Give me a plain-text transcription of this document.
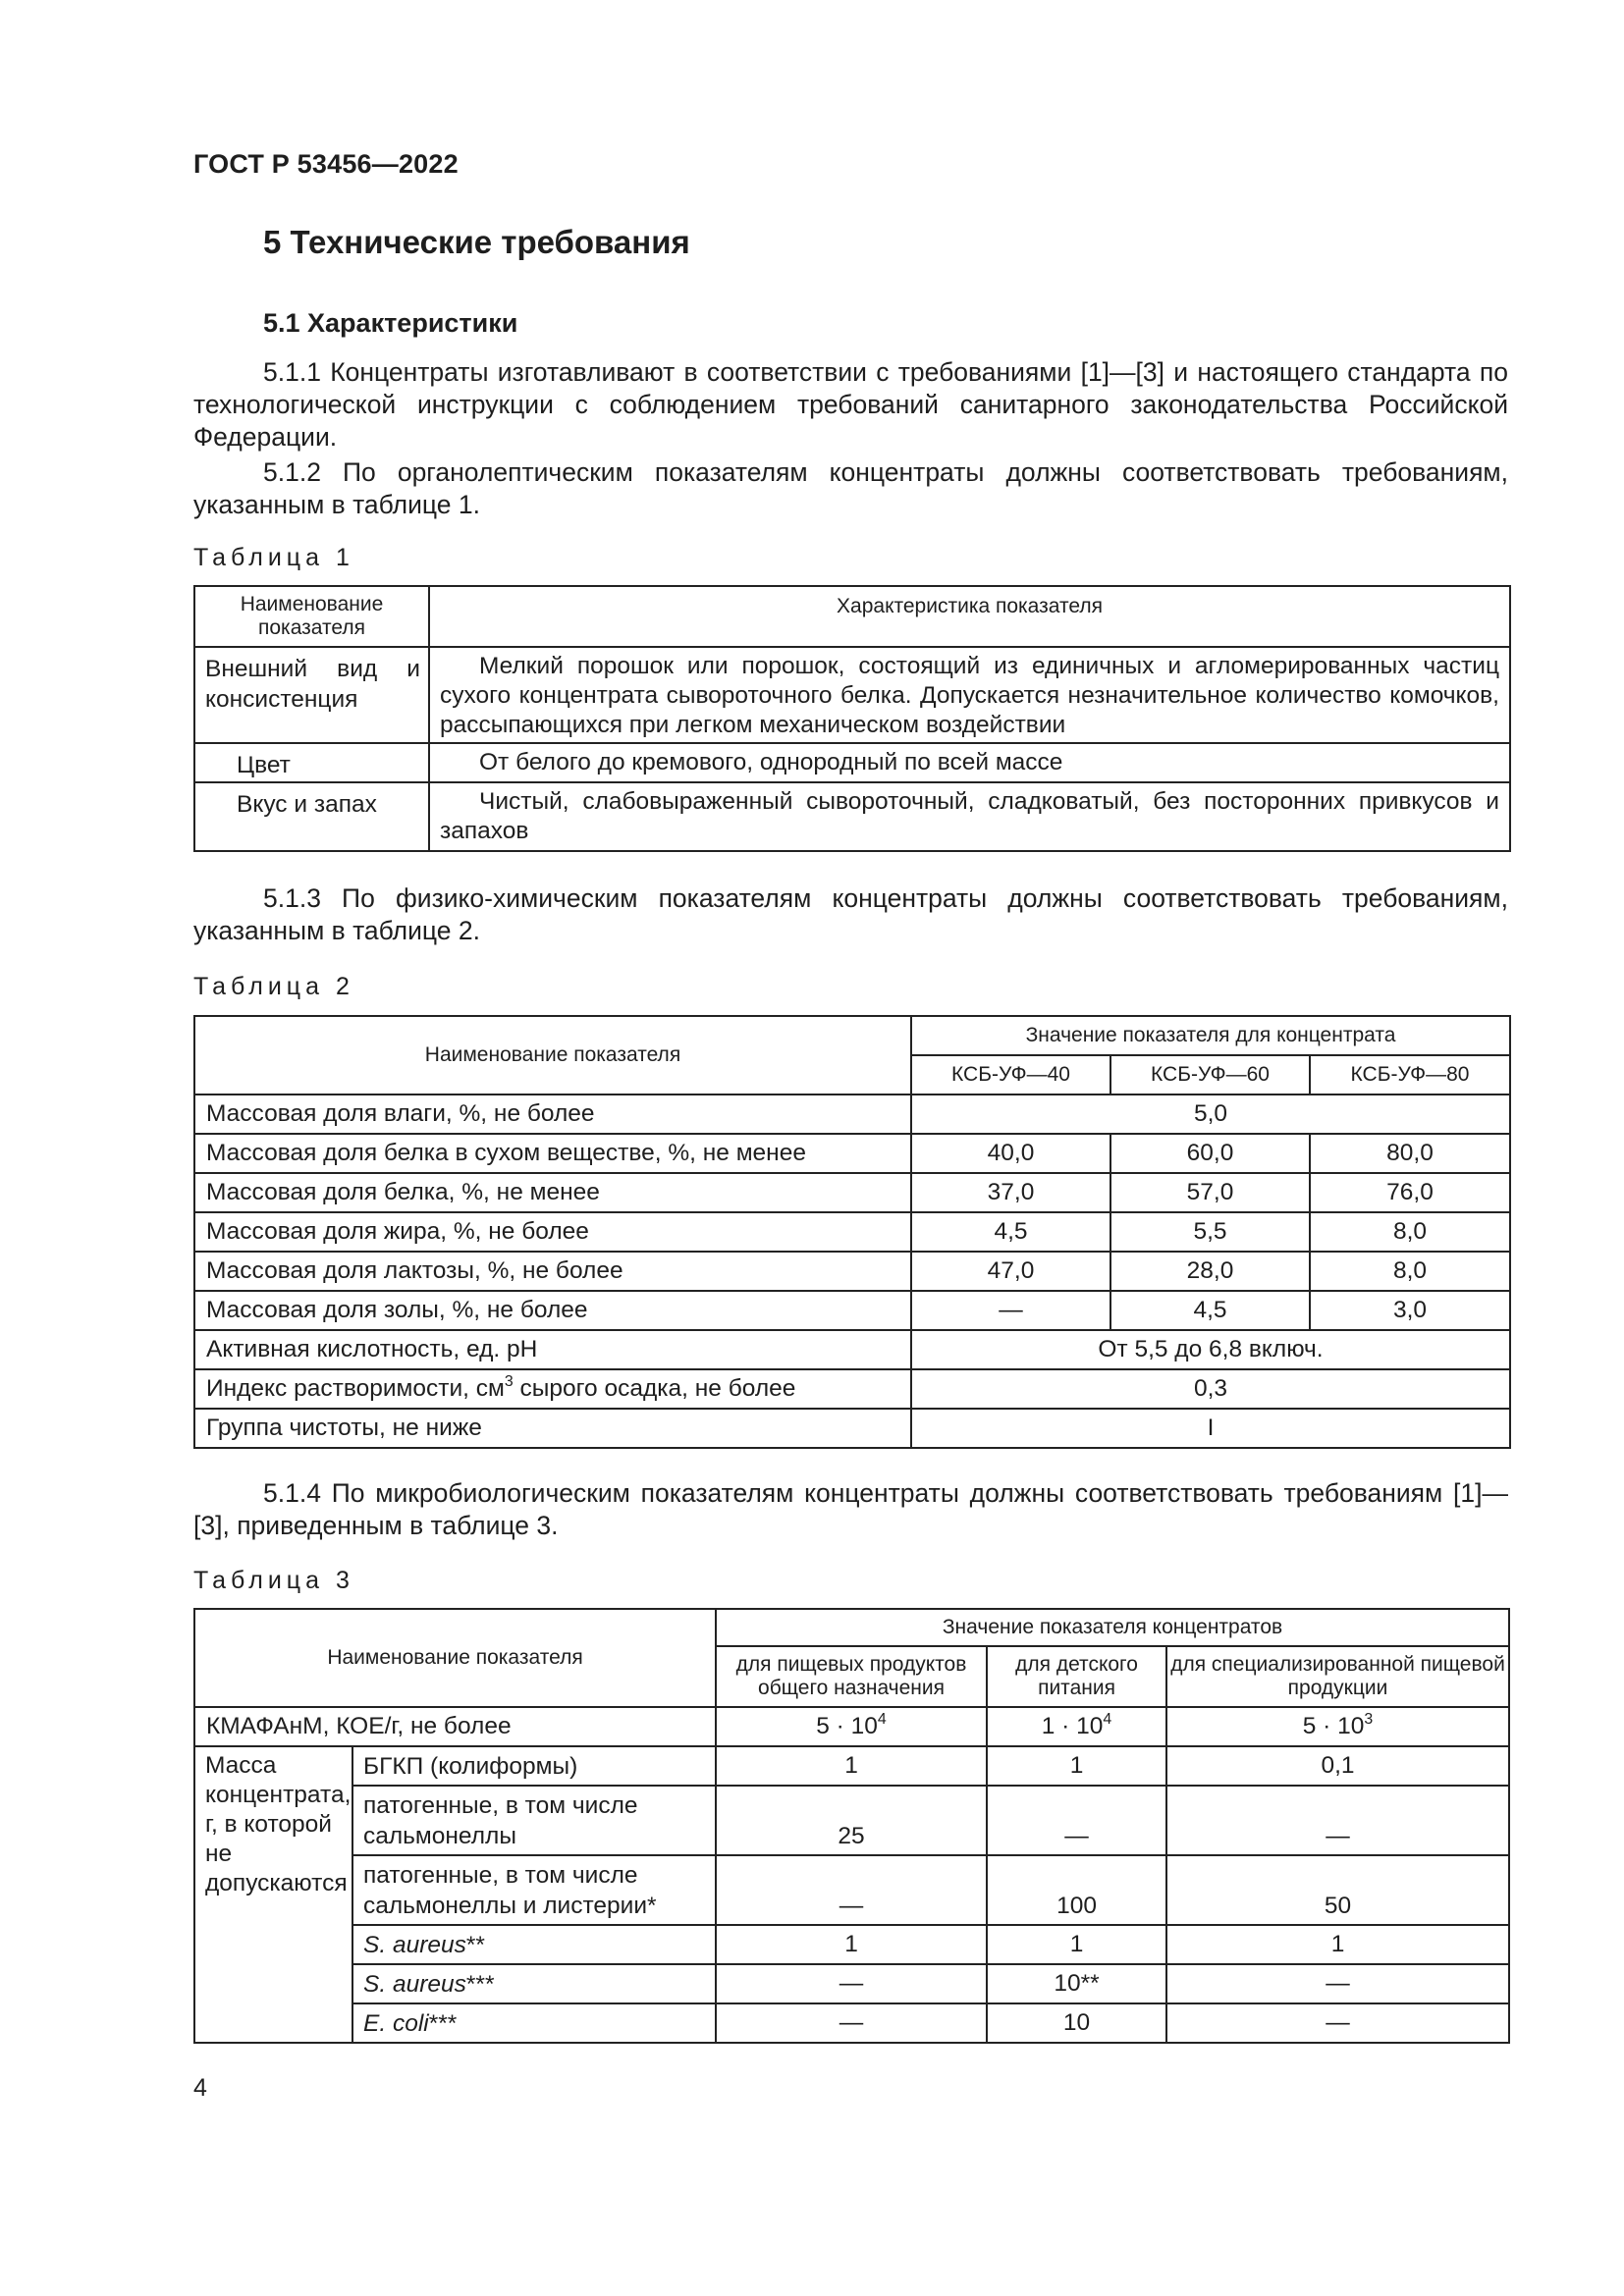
ГОСТ Р 53456—2022
5 Технические требования
5.1 Характеристики

5.1.1 Концентраты изготавливают в соответствии с требованиями [1]—[3] и настоящего стандарта по технологической инструкции с соблюдением требований санитарного законодательства Российской Федерации.

5.1.2 По органолептическим показателям концентраты должны соответствовать требованиям, указанным в таблице 1.

Таблица 1
Наименование показателя	Характеристика показателя
Внешний вид и консистенция	Мелкий порошок или порошок, состоящий из единичных и агломерированных частиц сухого концентрата сывороточного белка. Допускается незначительное количество комочков, рассыпающихся при легком механическом воздействии
Цвет	От белого до кремового, однородный по всей массе
Вкус и запах	Чистый, слабовыраженный сывороточный, сладковатый, без посторонних привкусов и запахов

5.1.3 По физико-химическим показателям концентраты должны соответствовать требованиям, указанным в таблице 2.

Таблица 2
Наименование показателя	Значение показателя для концентрата		
	КСБ-УФ—40	КСБ-УФ—60	КСБ-УФ—80
Массовая доля влаги, %, не более	5,0		
Массовая доля белка в сухом веществе, %, не менее	40,0	60,0	80,0
Массовая доля белка, %, не менее	37,0	57,0	76,0
Массовая доля жира, %, не более	4,5	5,5	8,0
Массовая доля лактозы, %, не более	47,0	28,0	8,0
Массовая доля золы, %, не более	—	4,5	3,0
Активная кислотность, ед. pH	От 5,5 до 6,8 включ.		
Индекс растворимости, $см^3$ сырого осадка, не более	0,3		
Группа чистоты, не ниже	I		

5.1.4 По микробиологическим показателям концентраты должны соответствовать требованиям [1]—[3], приведенным в таблице 3.

Таблица 3
Наименование показателя		Значение показателя концентратов		
		для пищевых продуктов общего назначения	для детского питания	для специализированной пищевой продукции
КМАФАнМ, КОЕ/г, не более		$5 \cdot 10^4$	$1 \cdot 10^4$	$5 \cdot 10^3$
Масса концентрата, г, в которой не допускаются	БГКП (колиформы)	1	1	0,1
	патогенные, в том числе сальмонеллы	25	—	—
	патогенные, в том числе сальмонеллы и листерии*	—	100	50
	S. aureus**	1	1	1
	S. aureus***	—	10**	—
	E. coli***	—	10	—
4
